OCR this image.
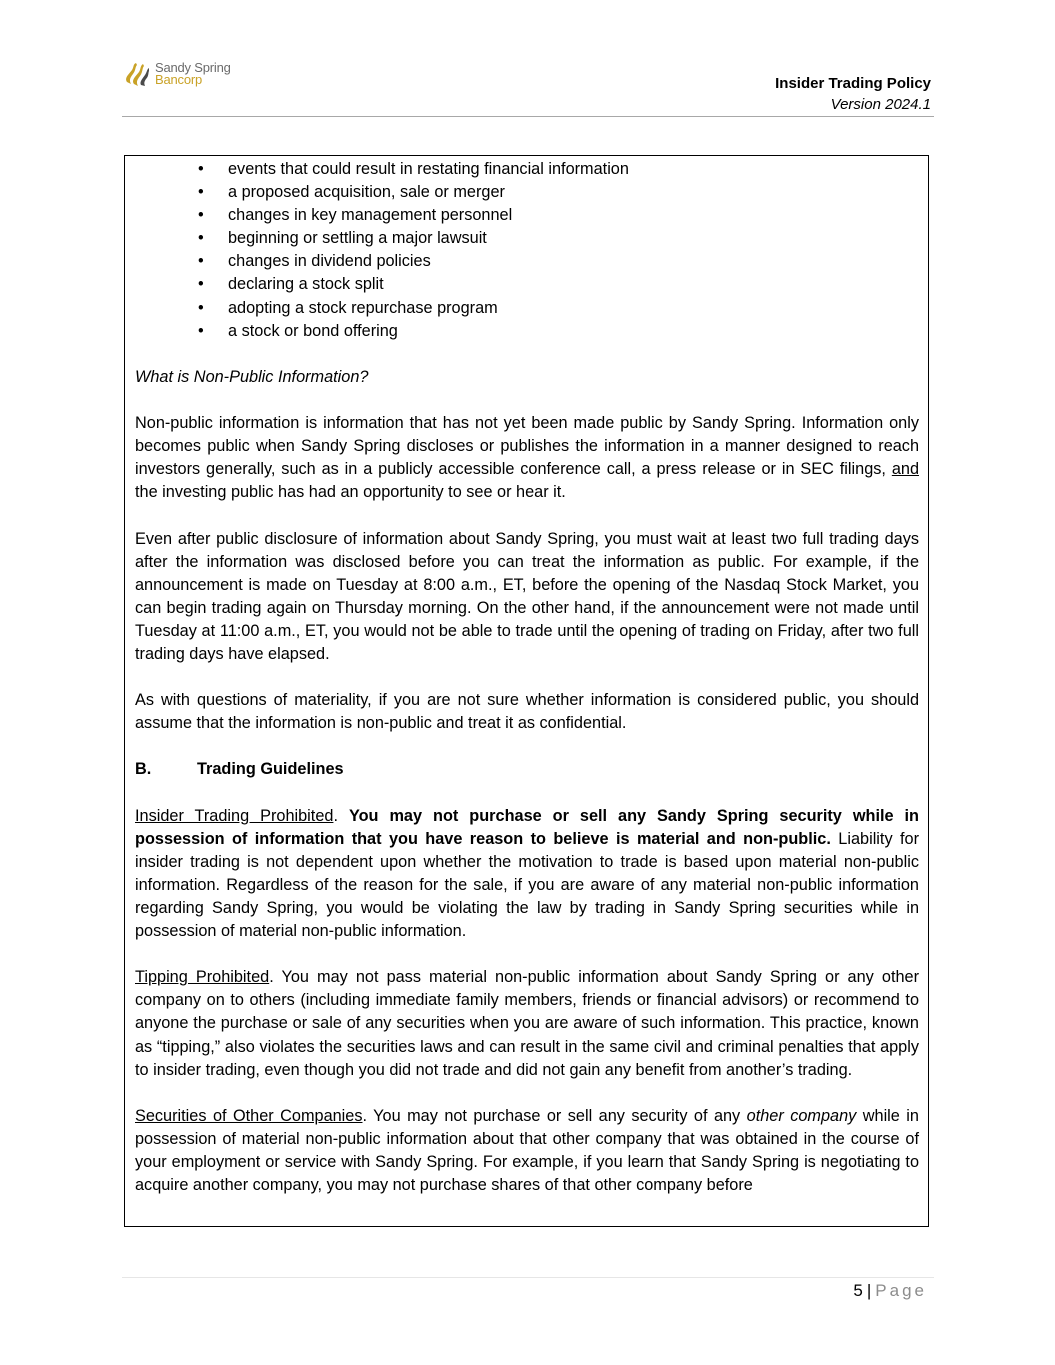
Sandy Spring
Bancorp	Insider Trading Policy
Version 2024.1
• events that could result in restating financial information
• a proposed acquisition, sale or merger
• changes in key management personnel
• beginning or settling a major lawsuit
• changes in dividend policies
• declaring a stock split
• adopting a stock repurchase program
• a stock or bond offering

What is Non-Public Information?

Non-public information is information that has not yet been made public by Sandy Spring. Information only becomes public when Sandy Spring discloses or publishes the information in a manner designed to reach investors generally, such as in a publicly accessible conference call, a press release or in SEC filings, and the investing public has had an opportunity to see or hear it.

Even after public disclosure of information about Sandy Spring, you must wait at least two full trading days after the information was disclosed before you can treat the information as public. For example, if the announcement is made on Tuesday at 8:00 a.m., ET, before the opening of the Nasdaq Stock Market, you can begin trading again on Thursday morning. On the other hand, if the announcement were not made until Tuesday at 11:00 a.m., ET, you would not be able to trade until the opening of trading on Friday, after two full trading days have elapsed.

As with questions of materiality, if you are not sure whether information is considered public, you should assume that the information is non-public and treat it as confidential.

B.	Trading Guidelines

Insider Trading Prohibited. You may not purchase or sell any Sandy Spring security while in possession of information that you have reason to believe is material and non-public. Liability for insider trading is not dependent upon whether the motivation to trade is based upon material non-public information. Regardless of the reason for the sale, if you are aware of any material non-public information regarding Sandy Spring, you would be violating the law by trading in Sandy Spring securities while in possession of material non-public information.

Tipping Prohibited. You may not pass material non-public information about Sandy Spring or any other company on to others (including immediate family members, friends or financial advisors) or recommend to anyone the purchase or sale of any securities when you are aware of such information. This practice, known as “tipping,” also violates the securities laws and can result in the same civil and criminal penalties that apply to insider trading, even though you did not trade and did not gain any benefit from another’s trading.

Securities of Other Companies. You may not purchase or sell any security of any other company while in possession of material non-public information about that other company that was obtained in the course of your employment or service with Sandy Spring. For example, if you learn that Sandy Spring is negotiating to acquire another company, you may not purchase shares of that other company before

5 | Page
